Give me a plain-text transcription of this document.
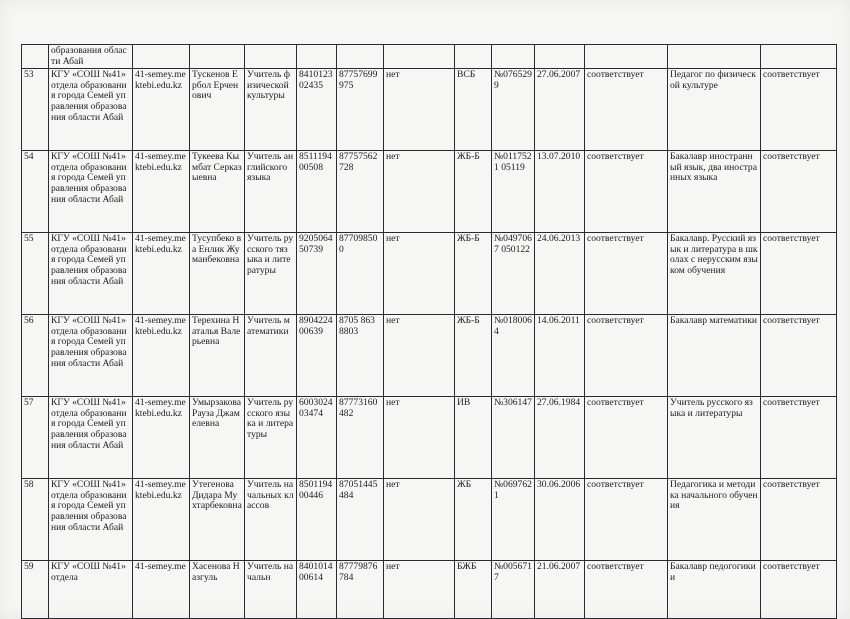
	образования области Абай												
53	КГУ «СОШ №41» отдела образования города Семей управления образования области Абай	41-semey.mektebi.edu.kz	Тускенов Ербол Ерченович	Учитель физической культуры	841012302435	87757699975	нет	ВСБ	№0765299	27.06.2007	соответствует	Педагог по физической культуре	соответствует
54	КГУ «СОШ №41» отдела образования города Семей управления образования области Абай	41-semey.mektebi.edu.kz	Тукеева Кымбат Серказыевна	Учитель английского языка	851119400508	87757562728	нет	ЖБ-Б	№0117521 05119	13.07.2010	соответствует	Бакалавр иностранный язык, два иностранных языка	соответствует
55	КГУ «СОШ №41» отдела образования города Семей управления образования области Абай	41-semey.mektebi.edu.kz	Тусупбеко ва Енлик Жуманбековна	Учитель русского тязыка и литературы	920506450739	877098500	нет	ЖБ-Б	№0497067 050122	24.06.2013	соответствует	Бакалавр. Русский язык и литература в школах с нерусским языком обучения	соответствует
56	КГУ «СОШ №41» отдела образования города Семей управления образования области Абай	41-semey.mektebi.edu.kz	Терехина Наталья Валерьевна	Учитель математики	890422400639	8705 863 8803	нет	ЖБ-Б	№0180064	14.06.2011	соответствует	Бакалавр математики	соответствует
57	КГУ «СОШ №41» отдела образования города Семей управления образования области Абай	41-semey.mektebi.edu.kz	Умырзакова Рауза Джамелевна	Учитель русского языка и литературы	600302403474	87773160482	нет	ИВ	№306147	27.06.1984	соответствует	Учитель русского языка и литературы	соответствует
58	КГУ «СОШ №41» отдела образования города Семей управления образования области Абай	41-semey.mektebi.edu.kz	Утегенова Дидара Мухтарбековна	Учитель начальных классов	850119400446	87051445484	нет	ЖБ	№0697621	30.06.2006	соответствует	Педагогика и методика начального обучения	соответствует
59	КГУ «СОШ №41» отдела	41-semey.me	Хасенова Назгуль	Учитель начальн	840101400614	87779876784	нет	БЖБ	№0056717	21.06.2007	соответствует	Бакалавр педогогики и	соответствует
